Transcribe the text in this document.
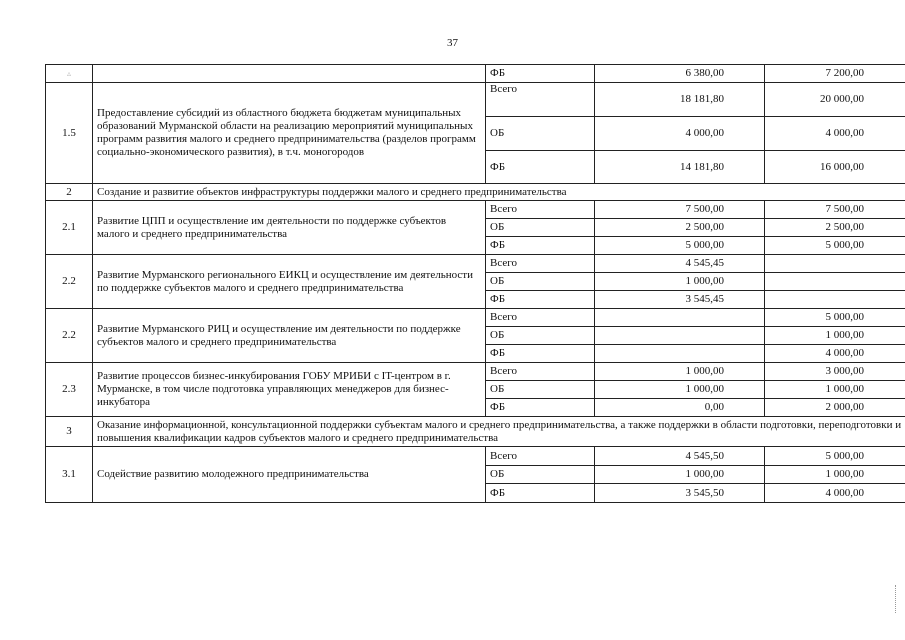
37
▵		ФБ	6 380,00	7 200,00
1.5	Предоставление субсидий из областного бюджета бюджетам муниципальных образований Мурманской области на реализацию мероприятий муниципальных программ развития малого и среднего предпринимательства (разделов программ социально-экономического развития), в т.ч. моногородов	Всего	18 181,80	20 000,00
		ОБ	4 000,00	4 000,00
		ФБ	14 181,80	16 000,00
2	Создание и развитие объектов инфраструктуры поддержки малого и среднего предпринимательства			
2.1	Развитие ЦПП и осуществление им деятельности по поддержке субъектов малого и среднего предпринимательства	Всего	7 500,00	7 500,00
		ОБ	2 500,00	2 500,00
		ФБ	5 000,00	5 000,00
2.2	Развитие Мурманского регионального ЕИКЦ и осуществление им деятельности по поддержке субъектов малого и среднего предпринимательства	Всего	4 545,45	
		ОБ	1 000,00	
		ФБ	3 545,45	
2.2	Развитие Мурманского РИЦ и осуществление им деятельности по поддержке субъектов малого и среднего предпринимательства	Всего		5 000,00
		ОБ		1 000,00
		ФБ		4 000,00
2.3	Развитие процессов бизнес-инкубирования ГОБУ МРИБИ с IT-центром в г. Мурманске, в том числе подготовка управляющих менеджеров для бизнес-инкубатора	Всего	1 000,00	3 000,00
		ОБ	1 000,00	1 000,00
		ФБ	0,00	2 000,00
3	Оказание информационной, консультационной поддержки субъектам малого и среднего предпринимательства, а также поддержки в области подготовки, переподготовки и повышения квалификации кадров субъектов малого и среднего предпринимательства			
3.1	Содействие развитию молодежного предпринимательства	Всего	4 545,50	5 000,00
		ОБ	1 000,00	1 000,00
		ФБ	3 545,50	4 000,00
